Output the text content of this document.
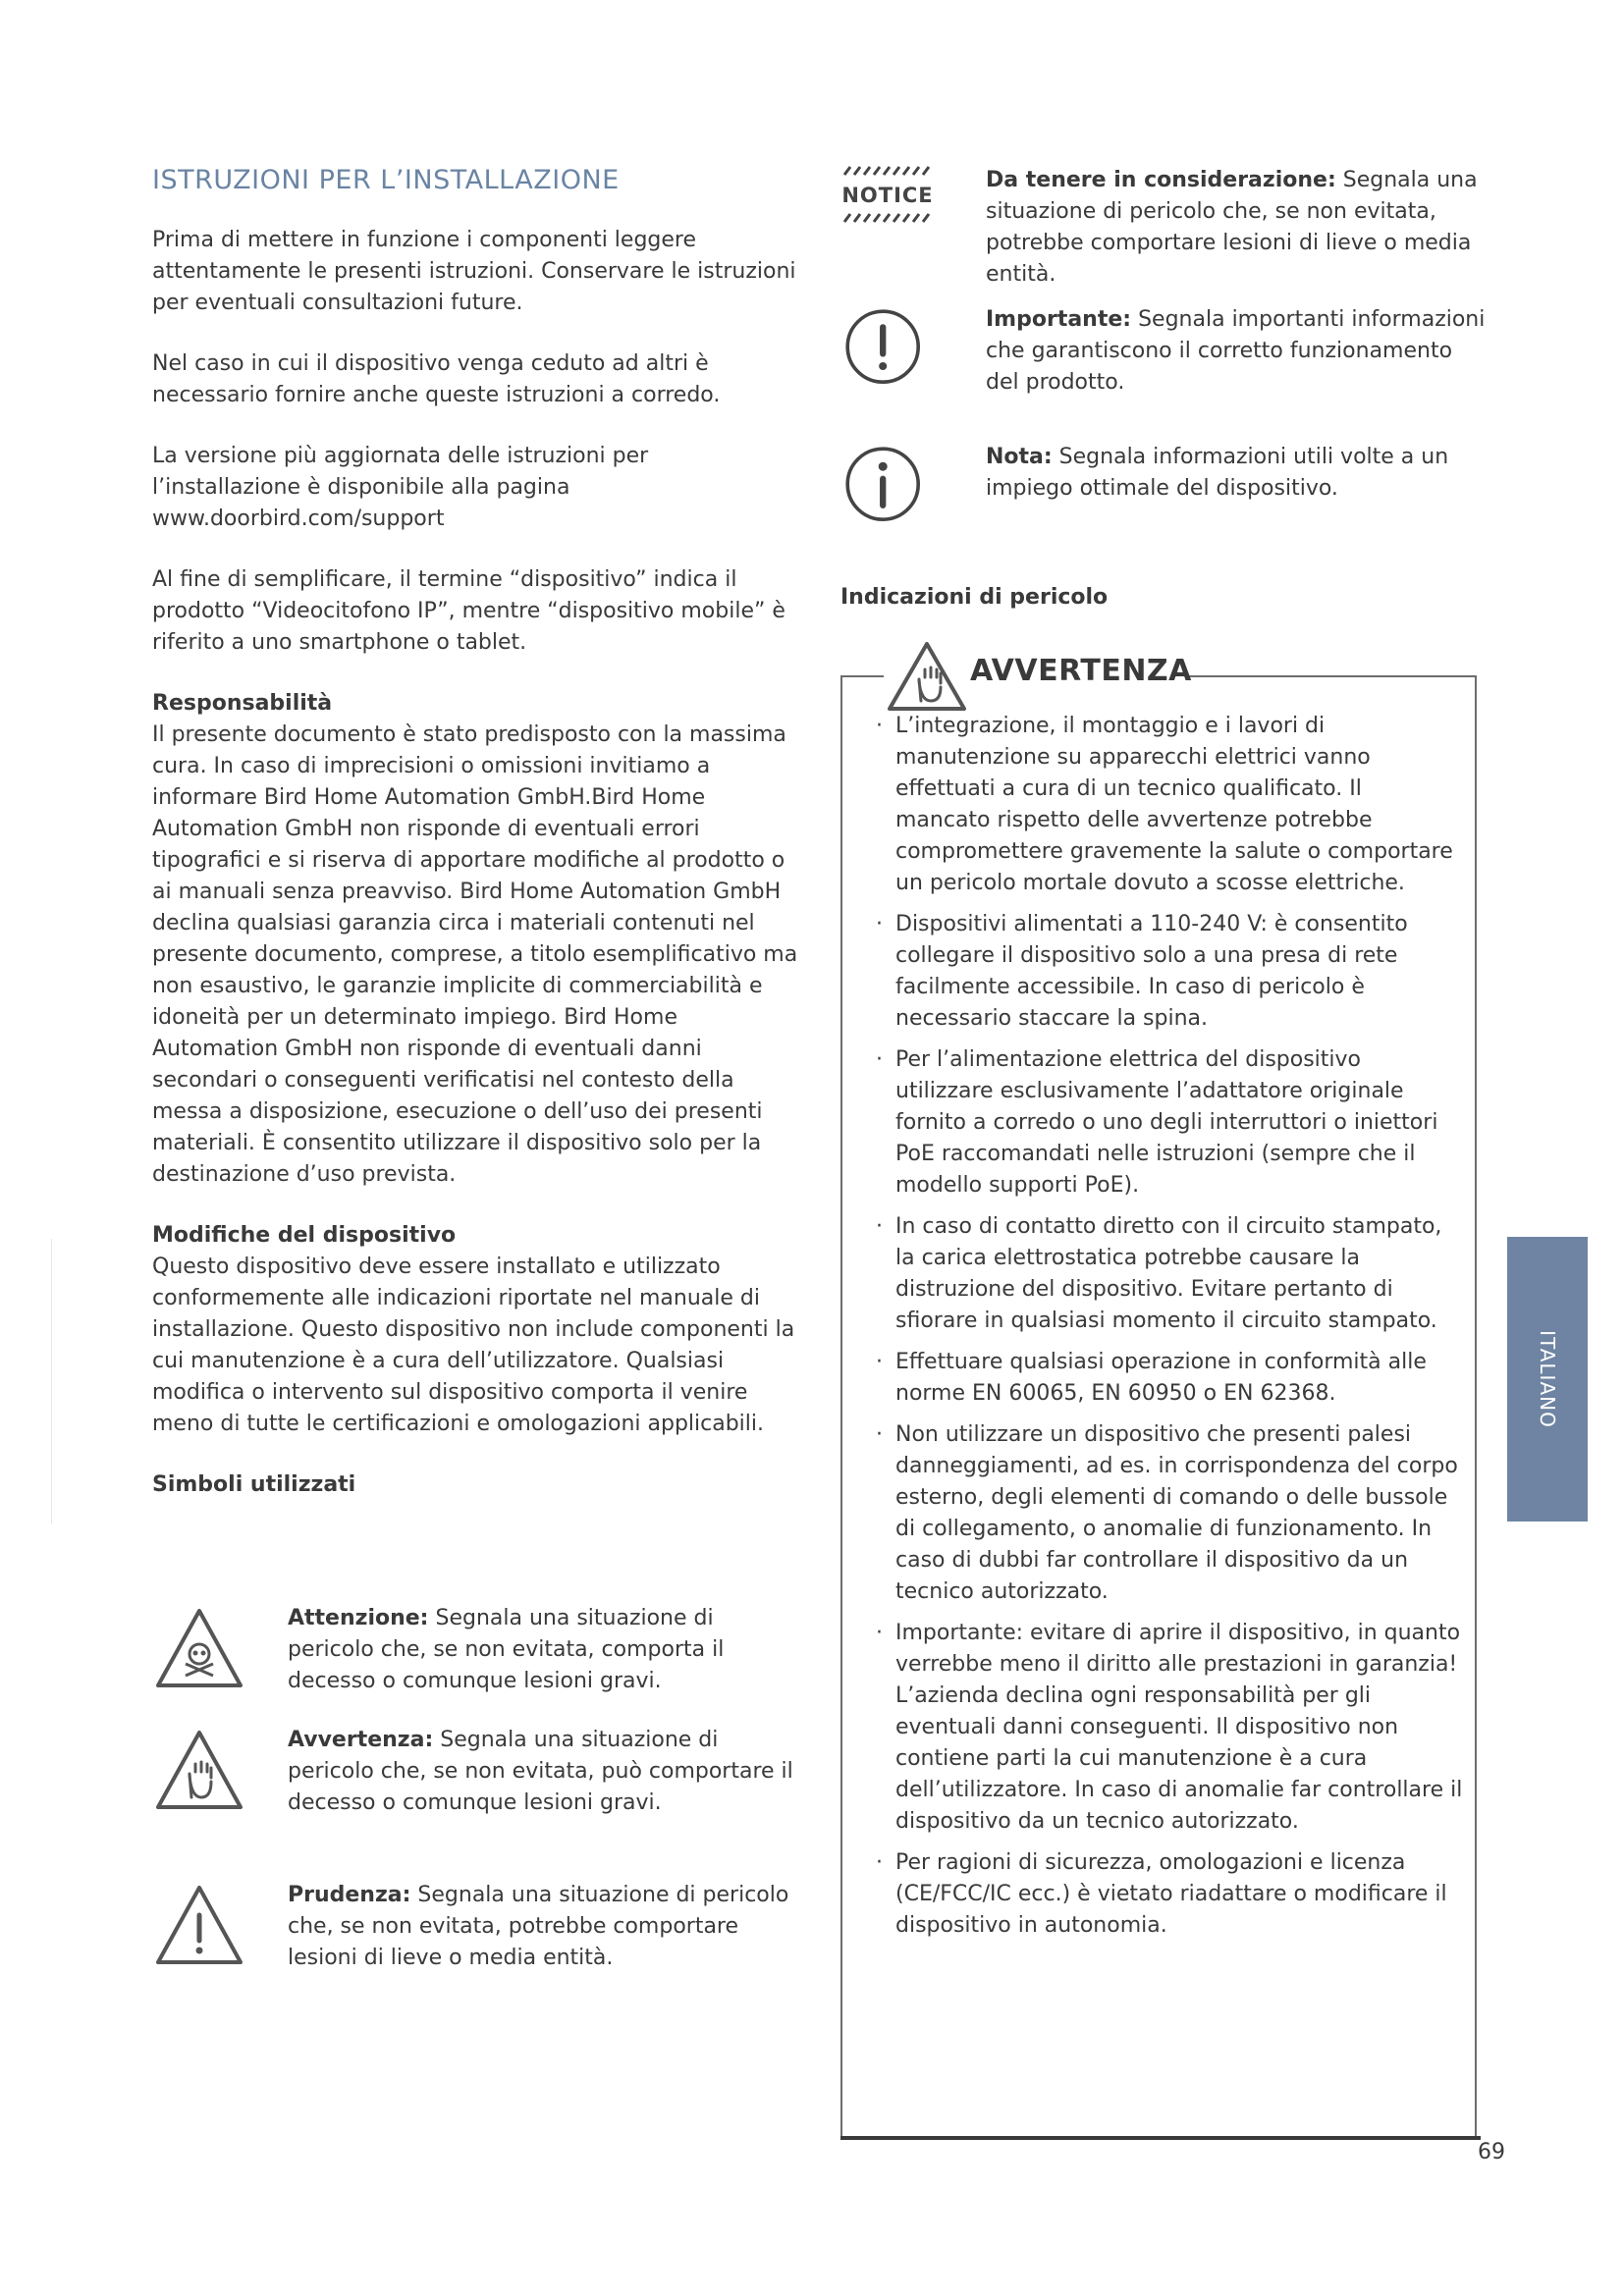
ISTRUZIONI PER L’INSTALLAZIONE

Prima di mettere in funzione i componenti leggere attentamente le presenti istruzioni. Conservare le istruzioni per eventuali consultazioni future.

Nel caso in cui il dispositivo venga ceduto ad altri è necessario fornire anche queste istruzioni a corredo.

La versione più aggiornata delle istruzioni per l’installazione è disponibile alla pagina www.doorbird.com/support

Al fine di semplificare, il termine “dispositivo” indica il prodotto “Videocitofono IP”, mentre “dispositivo mobile” è riferito a uno smartphone o tablet.

Responsabilità

Il presente documento è stato predisposto con la massima cura. In caso di imprecisioni o omissioni invitiamo a informare Bird Home Automation GmbH.Bird Home Automation GmbH non risponde di eventuali errori tipografici e si riserva di apportare modifiche al prodotto o ai manuali senza preavviso. Bird Home Automation GmbH declina qualsiasi garanzia circa i materiali contenuti nel presente documento, comprese, a titolo esemplificativo ma non esaustivo, le garanzie implicite di commerciabilità e idoneità per un determinato impiego. Bird Home Automation GmbH non risponde di eventuali danni secondari o conseguenti verificatisi nel contesto della messa a disposizione, esecuzione o dell’uso dei presenti materiali. È consentito utilizzare il dispositivo solo per la destinazione d’uso prevista.

Modifiche del dispositivo

Questo dispositivo deve essere installato e utilizzato conformemente alle indicazioni riportate nel manuale di installazione. Questo dispositivo non include componenti la cui manutenzione è a cura dell’utilizzatore. Qualsiasi modifica o intervento sul dispositivo comporta il venire meno di tutte le certificazioni e omologazioni applicabili.

Simboli utilizzati
Attenzione: Segnala una situazione di pericolo che, se non evitata, comporta il decesso o comunque lesioni gravi.
Avvertenza: Segnala una situazione di pericolo che, se non evitata, può comportare il decesso o comunque lesioni gravi.
Prudenza: Segnala una situazione di pericolo che, se non evitata, potrebbe comportare lesioni di lieve o media entità.
NOTICE
Da tenere in considerazione: Segnala una situazione di pericolo che, se non evitata, potrebbe comportare lesioni di lieve o media entità.
Importante: Segnala importanti informazioni che garantiscono il corretto funzionamento del prodotto.
Nota: Segnala informazioni utili volte a un impiego ottimale del dispositivo.
Indicazioni di pericolo
AVVERTENZA
· L’integrazione, il montaggio e i lavori di manutenzione su apparecchi elettrici vanno effettuati a cura di un tecnico qualificato. Il mancato rispetto delle avvertenze potrebbe compromettere gravemente la salute o comportare un pericolo mortale dovuto a scosse elettriche.
· Dispositivi alimentati a 110-240 V: è consentito collegare il dispositivo solo a una presa di rete facilmente accessibile. In caso di pericolo è necessario staccare la spina.
· Per l’alimentazione elettrica del dispositivo utilizzare esclusivamente l’adattatore originale fornito a corredo o uno degli interruttori o iniettori PoE raccomandati nelle istruzioni (sempre che il modello supporti PoE).
· In caso di contatto diretto con il circuito stampato, la carica elettrostatica potrebbe causare la distruzione del dispositivo. Evitare pertanto di sfiorare in qualsiasi momento il circuito stampato.
· Effettuare qualsiasi operazione in conformità alle norme EN 60065, EN 60950 o EN 62368.
· Non utilizzare un dispositivo che presenti palesi danneggiamenti, ad es. in corrispondenza del corpo esterno, degli elementi di comando o delle bussole di collegamento, o anomalie di funzionamento. In caso di dubbi far controllare il dispositivo da un tecnico autorizzato.
· Importante: evitare di aprire il dispositivo, in quanto verrebbe meno il diritto alle prestazioni in garanzia! L’azienda declina ogni responsabilità per gli eventuali danni conseguenti. Il dispositivo non contiene parti la cui manutenzione è a cura dell’utilizzatore. In caso di anomalie far controllare il dispositivo da un tecnico autorizzato.
· Per ragioni di sicurezza, omologazioni e licenza (CE/FCC/IC ecc.) è vietato riadattare o modificare il dispositivo in autonomia.
ITALIANO
69
